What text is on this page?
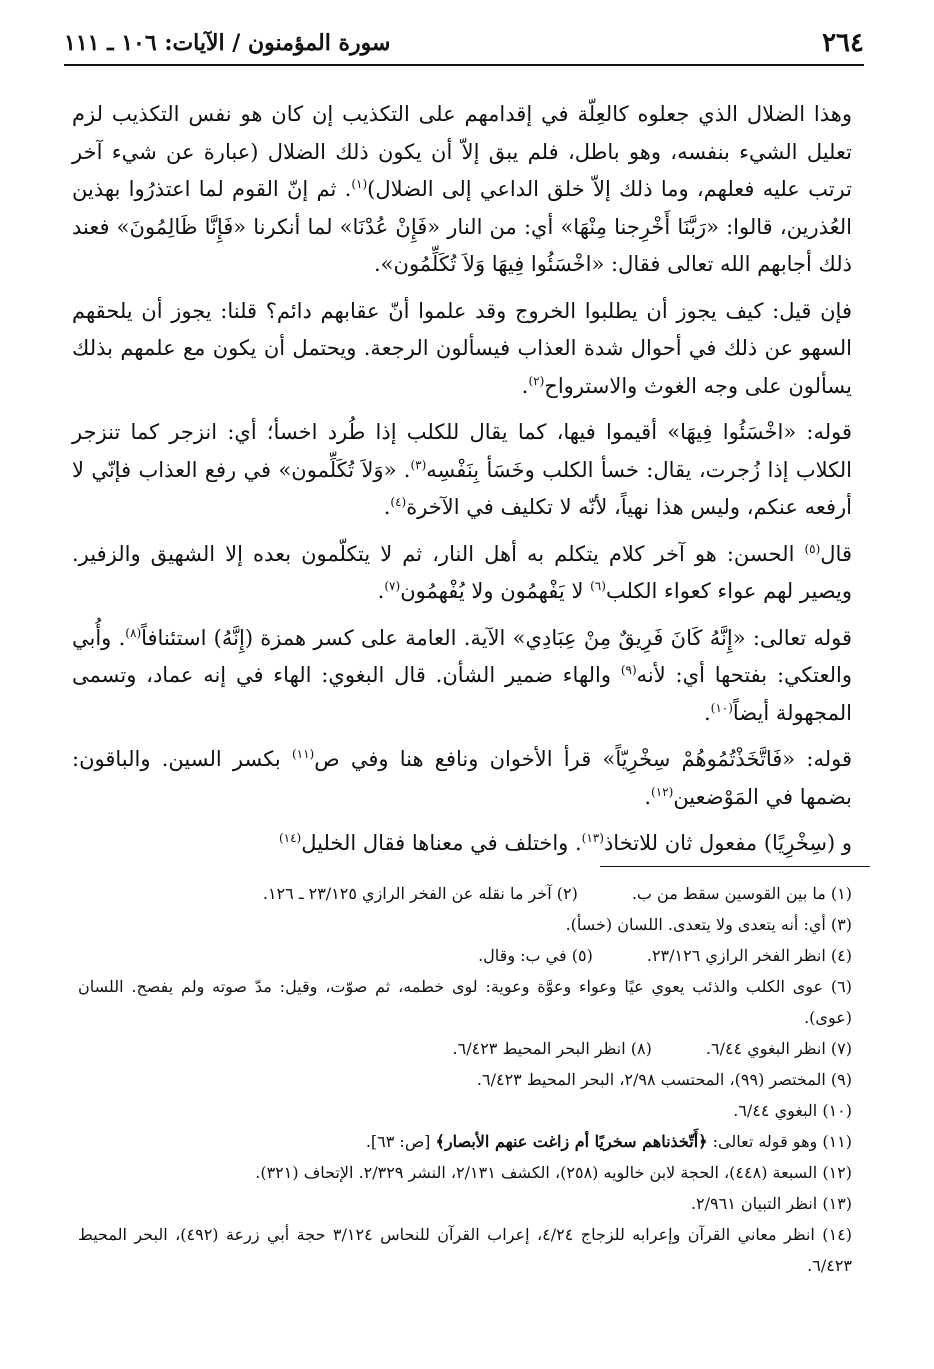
٢٦٤
سورة المؤمنون / الآيات: ١٠٦ ـ ١١١

وهذا الضلال الذي جعلوه كالعِلّة في إقدامهم على التكذيب إن كان هو نفس التكذيب لزم تعليل الشيء بنفسه، وهو باطل، فلم يبق إلاّ أن يكون ذلك الضلال (عبارة عن شيء آخر ترتب عليه فعلهم، وما ذلك إلاّ خلق الداعي إلى الضلال)$^{(١)}$. ثم إنّ القوم لما اعتذرُوا بهذين العُذرين، قالوا: «رَبَّنَا أَخْرِجنا مِنْهَا» أي: من النار «فَإِنْ عُدْنَا» لما أنكرنا «فَإِنَّا ظَالِمُونَ» فعند ذلك أجابهم الله تعالى فقال: «اخْسَئُوا فِيهَا وَلاَ تُكَلِّمُون».

فإن قيل: كيف يجوز أن يطلبوا الخروج وقد علموا أنّ عقابهم دائم؟ قلنا: يجوز أن يلحقهم السهو عن ذلك في أحوال شدة العذاب فيسألون الرجعة. ويحتمل أن يكون مع علمهم بذلك يسألون على وجه الغوث والاسترواح$^{(٢)}$.

قوله: «اخْسَئُوا فِيهَا» أقيموا فيها، كما يقال للكلب إذا طُرد اخسأ؛ أي: انزجر كما تنزجر الكلاب إذا زُجرت، يقال: خسأ الكلب وخَسَأ بِنَفْسِه$^{(٣)}$. «وَلاَ تُكَلِّمون» في رفع العذاب فإنّي لا أرفعه عنكم، وليس هذا نهياً، لأنّه لا تكليف في الآخرة$^{(٤)}$.

قال$^{(٥)}$ الحسن: هو آخر كلام يتكلم به أهل النار، ثم لا يتكلّمون بعده إلا الشهيق والزفير. ويصير لهم عواء كعواء الكلب$^{(٦)}$ لا يَفْهمُون ولا يُفْهمُون$^{(٧)}$.

قوله تعالى: «إِنَّهُ كَانَ فَرِيقٌ مِنْ عِبَادِي» الآية. العامة على كسر همزة (إِنَّهُ) استئنافاً$^{(٨)}$. وأُبي والعتكي: بفتحها أي: لأنه$^{(٩)}$ والهاء ضمير الشأن. قال البغوي: الهاء في إنه عماد، وتسمى المجهولة أيضاً$^{(١٠)}$.

قوله: «فَاتَّخَذْتُمُوهُمْ سِخْرِيّاً» قرأ الأخوان ونافع هنا وفي ص$^{(١١)}$ بكسر السين. والباقون: بضمها في المَوْضعين$^{(١٢)}$.

و (سِخْرِيًا) مفعول ثان للاتخاذ$^{(١٣)}$. واختلف في معناها فقال الخليل$^{(١٤)}$

(١) ما بين القوسين سقط من ب.
(٢) آخر ما نقله عن الفخر الرازي ٢٣/١٢٥ ـ ١٢٦.
(٣) أي: أنه يتعدى ولا يتعدى. اللسان (خسأ).
(٤) انظر الفخر الرازي ٢٣/١٢٦.
(٥) في ب: وقال.
(٦) عوى الكلب والذئب يعوي عيًا وعواء وعوَّة وعوية: لوى خطمه، ثم صوّت، وقيل: مدّ صوته ولم يفصح. اللسان (عوى).
(٧) انظر البغوي ٦/٤٤.
(٨) انظر البحر المحيط ٦/٤٢٣.
(٩) المختصر (٩٩)، المحتسب ٢/٩٨، البحر المحيط ٦/٤٢٣.
(١٠) البغوي ٦/٤٤.
(١١) وهو قوله تعالى: ﴿أَتّخذناهم سخريًا أم زاغت عنهم الأبصار﴾ [ص: ٦٣].
(١٢) السبعة (٤٤٨)، الحجة لابن خالويه (٢٥٨)، الكشف ٢/١٣١، النشر ٢/٣٢٩. الإتحاف (٣٢١).
(١٣) انظر التبيان ٢/٩٦١.
(١٤) انظر معاني القرآن وإعرابه للزجاج ٤/٢٤، إعراب القرآن للنحاس ٣/١٢٤ حجة أبي زرعة (٤٩٢)، البحر المحيط ٦/٤٢٣.
